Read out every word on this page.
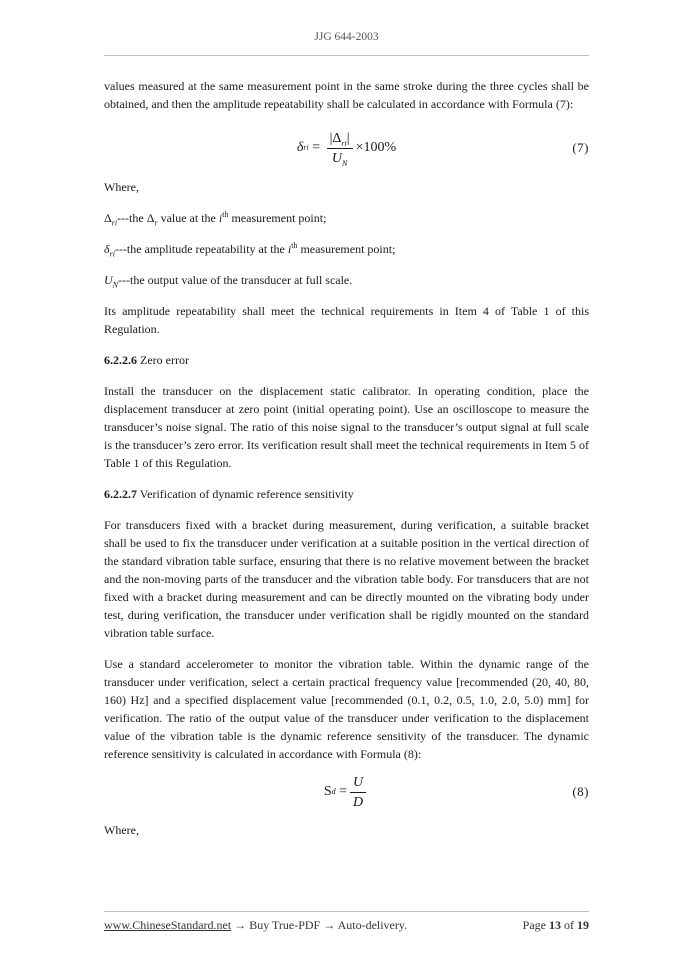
JJG 644-2003

values measured at the same measurement point in the same stroke during the three cycles shall be obtained, and then the amplitude repeatability shall be calculated in accordance with Formula (7):

δ ri = $\frac{|\Delta_{ri}|}{U_N} \times 100\%$	(7)

Where,

$\Delta_{ri}--$-the $\Delta_r$ value at the $i^{th}$ measurement point;

$\delta_{ri}--$-the amplitude repeatability at the $i^{th}$ measurement point;

$U_N--$-the output value of the transducer at full scale.

Its amplitude repeatability shall meet the technical requirements in Item 4 of Table 1 of this Regulation.

6.2.2.6 Zero error

Install the transducer on the displacement static calibrator. In operating condition, place the displacement transducer at zero point (initial operating point). Use an oscilloscope to measure the transducer’s noise signal. The ratio of this noise signal to the transducer’s output signal at full scale is the transducer’s zero error. Its verification result shall meet the technical requirements in Item 5 of Table 1 of this Regulation.

6.2.2.7 Verification of dynamic reference sensitivity

For transducers fixed with a bracket during measurement, during verification, a suitable bracket shall be used to fix the transducer under verification at a suitable position in the vertical direction of the standard vibration table surface, ensuring that there is no relative movement between the bracket and the non-moving parts of the transducer and the vibration table body. For transducers that are not fixed with a bracket during measurement and can be directly mounted on the vibrating body under test, during verification, the transducer under verification shall be rigidly mounted on the standard vibration table surface.

Use a standard accelerometer to monitor the vibration table. Within the dynamic range of the transducer under verification, select a certain practical frequency value [recommended (20, 40, 80, 160) Hz] and a specified displacement value [recommended (0.1, 0.2, 0.5, 1.0, 2.0, 5.0) mm] for verification. The ratio of the output value of the transducer under verification to the displacement value of the vibration table is the dynamic reference sensitivity of the transducer. The dynamic reference sensitivity is calculated in accordance with Formula (8):

S $d = \frac{U}{D}$	(8)

Where,

www.ChineseStandard.net → Buy True-PDF → Auto-delivery.	Page 13 of 19
